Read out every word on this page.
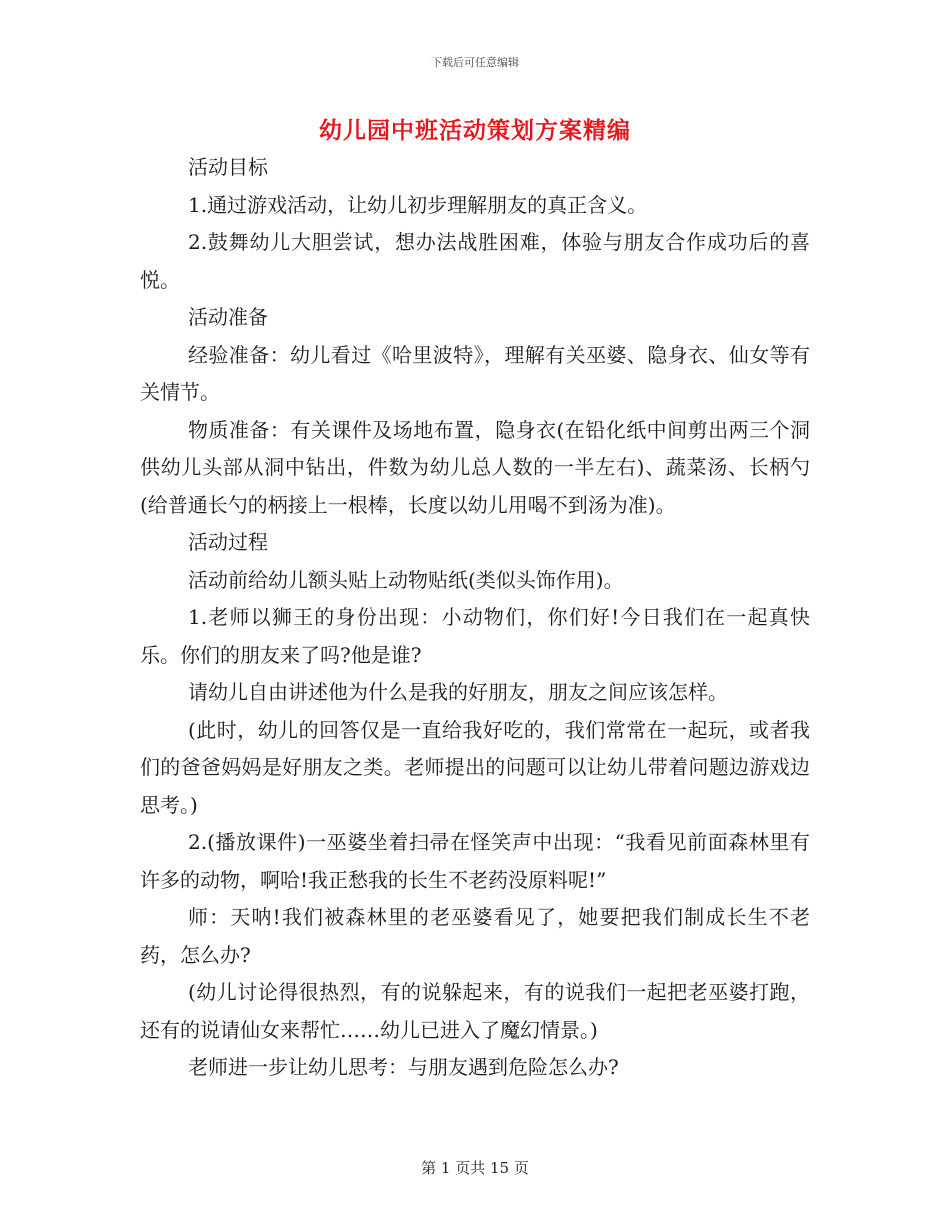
下载后可任意编辑
幼儿园中班活动策划方案精编

活动目标

1.通过游戏活动，让幼儿初步理解朋友的真正含义。

2.鼓舞幼儿大胆尝试，想办法战胜困难，体验与朋友合作成功后的喜悦。

活动准备

经验准备：幼儿看过《哈里波特》，理解有关巫婆、隐身衣、仙女等有关情节。

物质准备：有关课件及场地布置，隐身衣(在铅化纸中间剪出两三个洞供幼儿头部从洞中钻出，件数为幼儿总人数的一半左右)、蔬菜汤、长柄勺(给普通长勺的柄接上一根棒，长度以幼儿用喝不到汤为准)。

活动过程

活动前给幼儿额头贴上动物贴纸(类似头饰作用)。

1.老师以狮王的身份出现：小动物们，你们好!今日我们在一起真快乐。你们的朋友来了吗?他是谁?

请幼儿自由讲述他为什么是我的好朋友，朋友之间应该怎样。

(此时，幼儿的回答仅是一直给我好吃的，我们常常在一起玩，或者我们的爸爸妈妈是好朋友之类。老师提出的问题可以让幼儿带着问题边游戏边思考。)

2.(播放课件)一巫婆坐着扫帚在怪笑声中出现：“我看见前面森林里有许多的动物，啊哈!我正愁我的长生不老药没原料呢!”

师：天呐!我们被森林里的老巫婆看见了，她要把我们制成长生不老药，怎么办?

(幼儿讨论得很热烈，有的说躲起来，有的说我们一起把老巫婆打跑，还有的说请仙女来帮忙……幼儿已进入了魔幻情景。)

老师进一步让幼儿思考：与朋友遇到危险怎么办?

第 1 页共 15 页
